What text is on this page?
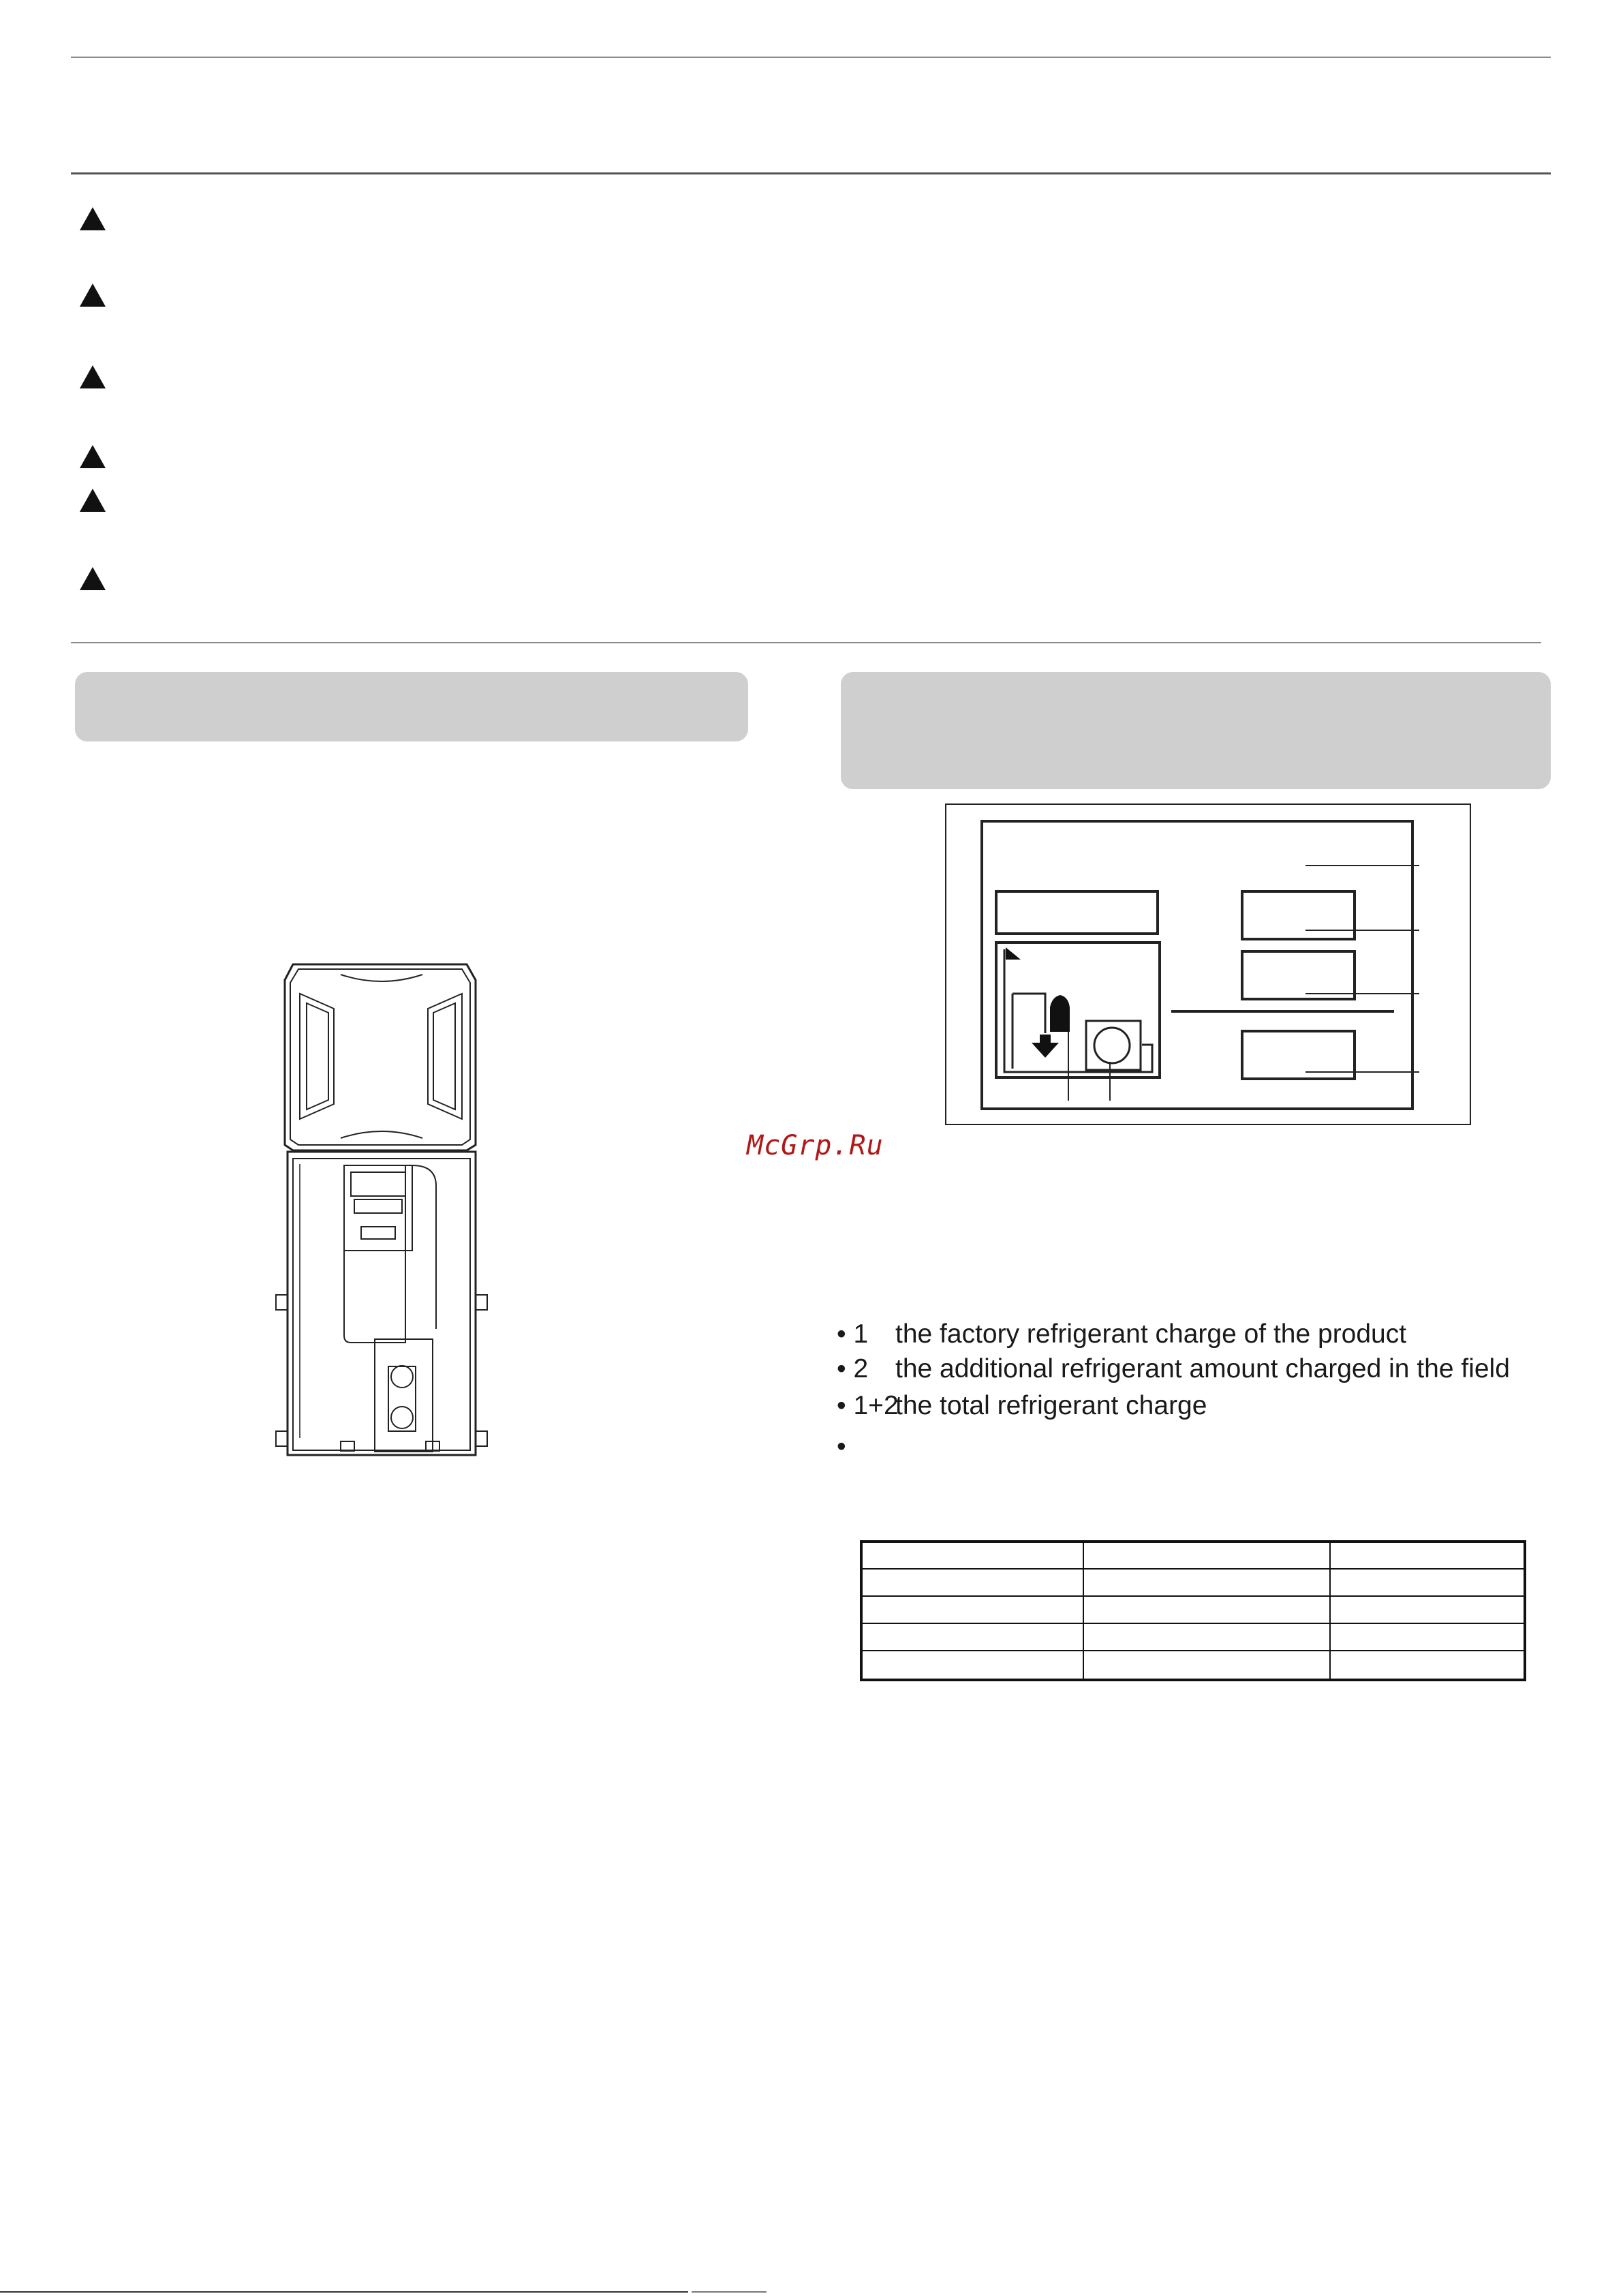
McGrp.Ru
• 1 the factory refrigerant charge of the product
• 2 the additional refrigerant amount charged in the field
• 1+2the total refrigerant charge
•
